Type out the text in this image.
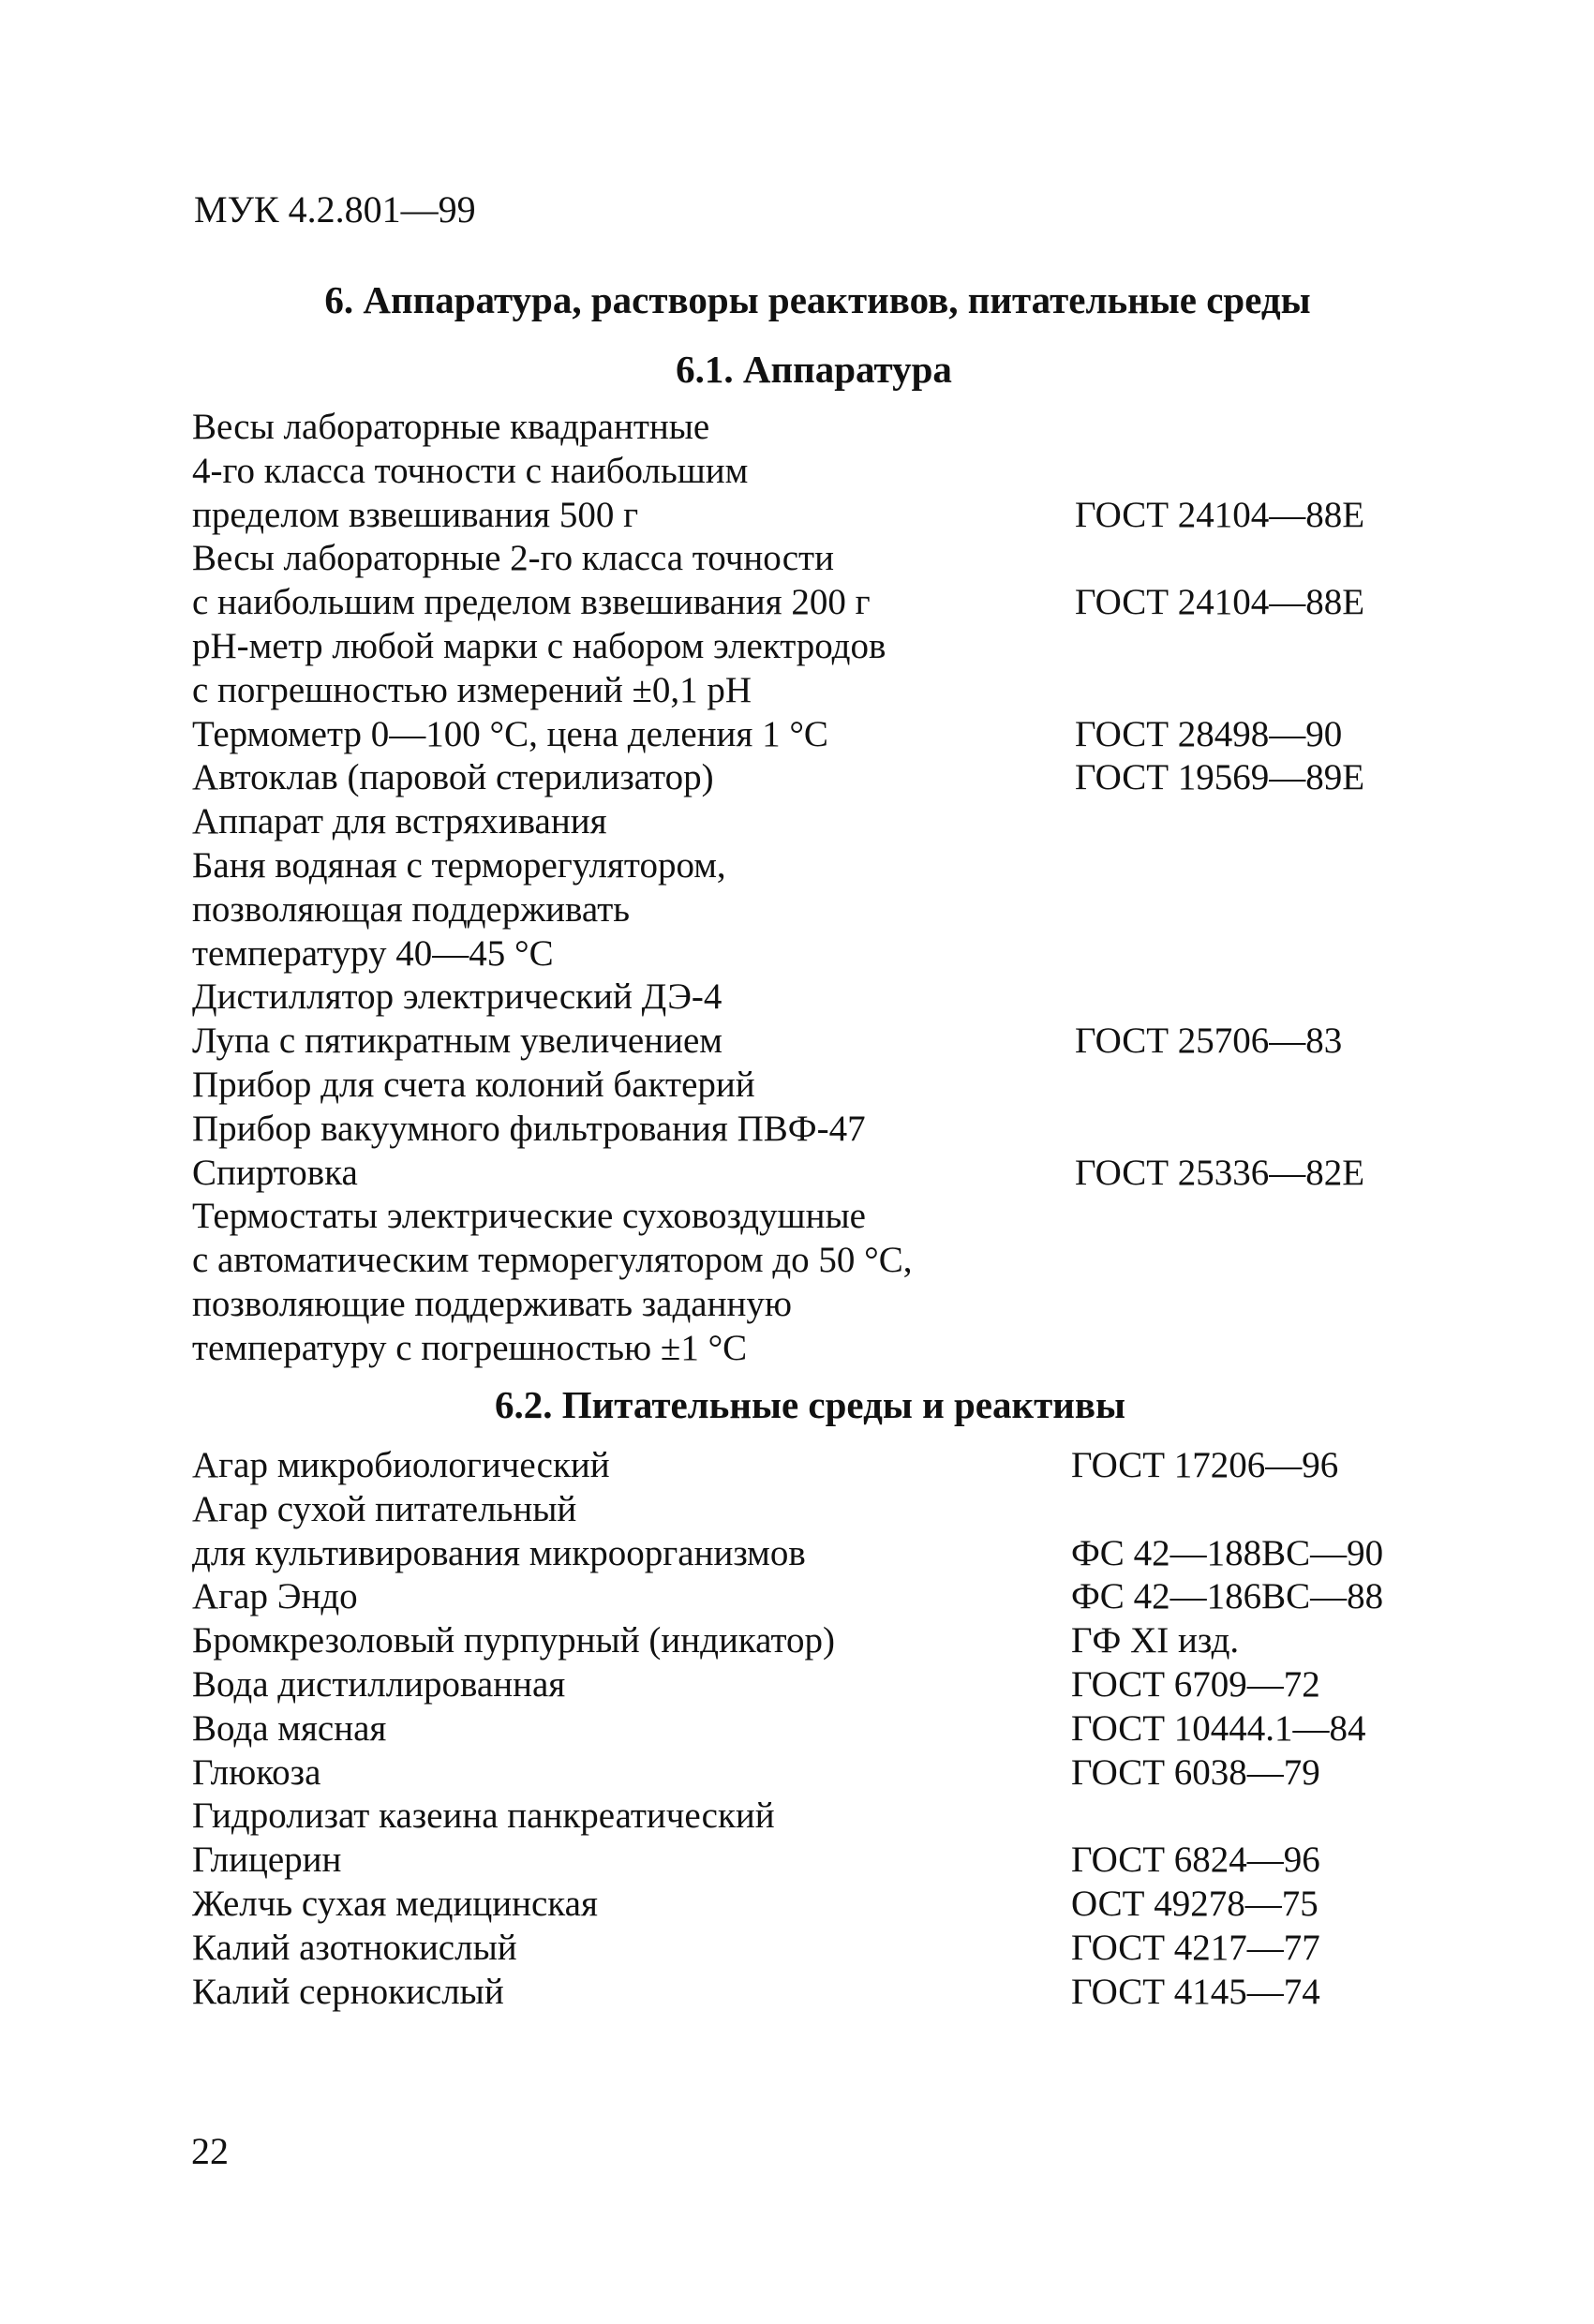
МУК 4.2.801—99
6. Аппаратура, растворы реактивов, питательные среды
6.1. Аппаратура
Весы лабораторные квадрантные
4-го класса точности с наибольшим
пределом взвешивания 500 г	ГОСТ 24104—88Е
Весы лабораторные 2-го класса точности
с наибольшим пределом взвешивания 200 г	ГОСТ 24104—88Е
рН-метр любой марки с набором электродов
с погрешностью измерений ±0,1 рН
Термометр 0—100 °С, цена деления 1 °С	ГОСТ 28498—90
Автоклав (паровой стерилизатор)	ГОСТ 19569—89Е
Аппарат для встряхивания
Баня водяная с терморегулятором,
позволяющая поддерживать
температуру 40—45 °С
Дистиллятор электрический ДЭ-4
Лупа с пятикратным увеличением	ГОСТ 25706—83
Прибор для счета колоний бактерий
Прибор вакуумного фильтрования ПВФ-47
Спиртовка	ГОСТ 25336—82Е
Термостаты электрические суховоздушные
с автоматическим терморегулятором до 50 °С,
позволяющие поддерживать заданную
температуру с погрешностью ±1 °С
6.2. Питательные среды и реактивы
Агар микробиологический	ГОСТ 17206—96
Агар сухой питательный
для культивирования микроорганизмов	ФС 42—188ВС—90
Агар Эндо	ФС 42—186ВС—88
Бромкрезоловый пурпурный (индикатор)	ГФ XI изд.
Вода дистиллированная	ГОСТ 6709—72
Вода мясная	ГОСТ 10444.1—84
Глюкоза	ГОСТ 6038—79
Гидролизат казеина панкреатический
Глицерин	ГОСТ 6824—96
Желчь сухая медицинская	ОСТ 49278—75
Калий азотнокислый	ГОСТ 4217—77
Калий сернокислый	ГОСТ 4145—74
22
